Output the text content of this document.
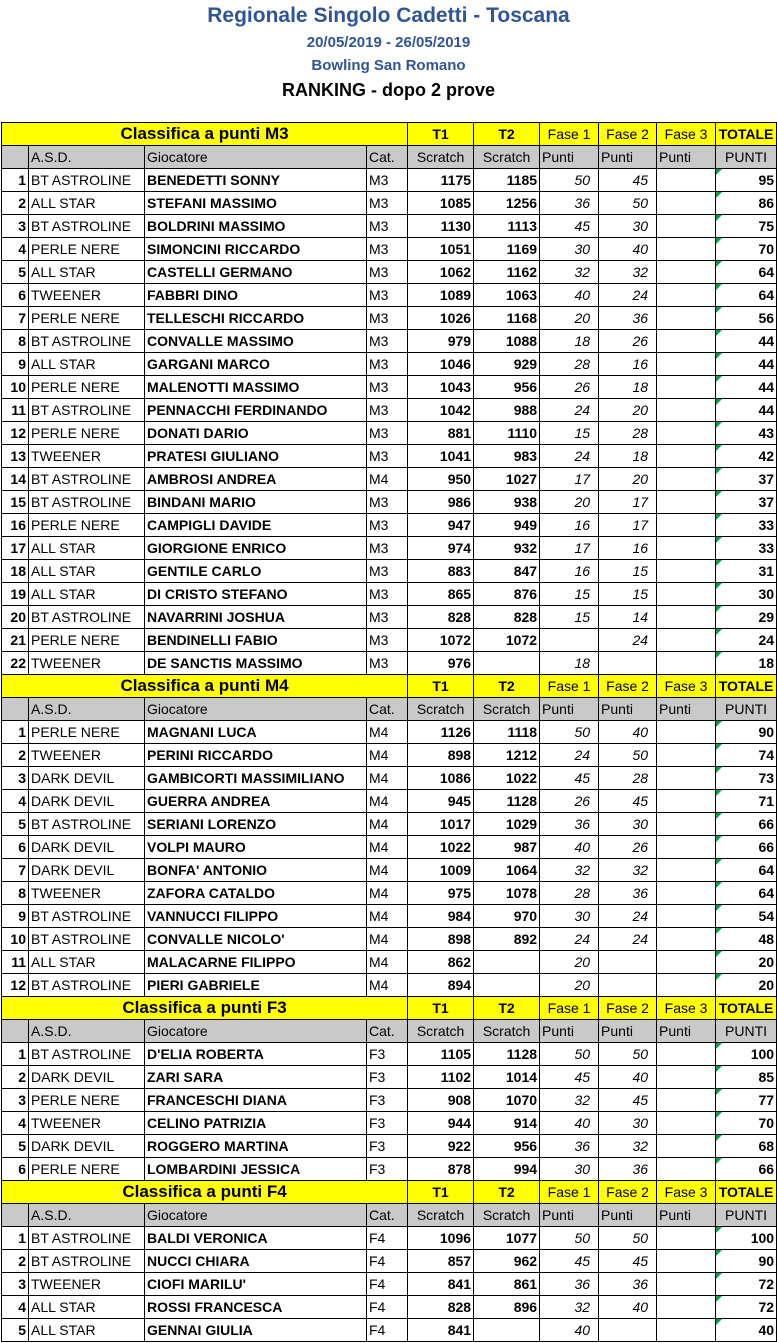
Regionale Singolo Cadetti - Toscana
20/05/2019 - 26/05/2019
Bowling San Romano
RANKING - dopo 2 prove
Classifica a punti M3				T1	T2	Fase 1	Fase 2	Fase 3	TOTALE
	A.S.D.	Giocatore	Cat.	Scratch	Scratch	Punti	Punti	Punti	PUNTI
1	BT ASTROLINE	BENEDETTI SONNY	M3	1175	1185	50	45		95
2	ALL STAR	STEFANI MASSIMO	M3	1085	1256	36	50		86
3	BT ASTROLINE	BOLDRINI MASSIMO	M3	1130	1113	45	30		75
4	PERLE NERE	SIMONCINI RICCARDO	M3	1051	1169	30	40		70
5	ALL STAR	CASTELLI GERMANO	M3	1062	1162	32	32		64
6	TWEENER	FABBRI DINO	M3	1089	1063	40	24		64
7	PERLE NERE	TELLESCHI RICCARDO	M3	1026	1168	20	36		56
8	BT ASTROLINE	CONVALLE MASSIMO	M3	979	1088	18	26		44
9	ALL STAR	GARGANI MARCO	M3	1046	929	28	16		44
10	PERLE NERE	MALENOTTI MASSIMO	M3	1043	956	26	18		44
11	BT ASTROLINE	PENNACCHI FERDINANDO	M3	1042	988	24	20		44
12	PERLE NERE	DONATI DARIO	M3	881	1110	15	28		43
13	TWEENER	PRATESI GIULIANO	M3	1041	983	24	18		42
14	BT ASTROLINE	AMBROSI ANDREA	M4	950	1027	17	20		37
15	BT ASTROLINE	BINDANI MARIO	M3	986	938	20	17		37
16	PERLE NERE	CAMPIGLI DAVIDE	M3	947	949	16	17		33
17	ALL STAR	GIORGIONE ENRICO	M3	974	932	17	16		33
18	ALL STAR	GENTILE CARLO	M3	883	847	16	15		31
19	ALL STAR	DI CRISTO STEFANO	M3	865	876	15	15		30
20	BT ASTROLINE	NAVARRINI JOSHUA	M3	828	828	15	14		29
21	PERLE NERE	BENDINELLI FABIO	M3	1072	1072		24		24
22	TWEENER	DE SANCTIS MASSIMO	M3	976		18			18
Classifica a punti M4				T1	T2	Fase 1	Fase 2	Fase 3	TOTALE
	A.S.D.	Giocatore	Cat.	Scratch	Scratch	Punti	Punti	Punti	PUNTI
1	PERLE NERE	MAGNANI LUCA	M4	1126	1118	50	40		90
2	TWEENER	PERINI RICCARDO	M4	898	1212	24	50		74
3	DARK DEVIL	GAMBICORTI MASSIMILIANO	M4	1086	1022	45	28		73
4	DARK DEVIL	GUERRA ANDREA	M4	945	1128	26	45		71
5	BT ASTROLINE	SERIANI LORENZO	M4	1017	1029	36	30		66
6	DARK DEVIL	VOLPI MAURO	M4	1022	987	40	26		66
7	DARK DEVIL	BONFA' ANTONIO	M4	1009	1064	32	32		64
8	TWEENER	ZAFORA CATALDO	M4	975	1078	28	36		64
9	BT ASTROLINE	VANNUCCI FILIPPO	M4	984	970	30	24		54
10	BT ASTROLINE	CONVALLE NICOLO'	M4	898	892	24	24		48
11	ALL STAR	MALACARNE FILIPPO	M4	862		20			20
12	BT ASTROLINE	PIERI GABRIELE	M4	894		20			20
Classifica a punti F3				T1	T2	Fase 1	Fase 2	Fase 3	TOTALE
	A.S.D.	Giocatore	Cat.	Scratch	Scratch	Punti	Punti	Punti	PUNTI
1	BT ASTROLINE	D'ELIA ROBERTA	F3	1105	1128	50	50		100
2	DARK DEVIL	ZARI SARA	F3	1102	1014	45	40		85
3	PERLE NERE	FRANCESCHI DIANA	F3	908	1070	32	45		77
4	TWEENER	CELINO PATRIZIA	F3	944	914	40	30		70
5	DARK DEVIL	ROGGERO MARTINA	F3	922	956	36	32		68
6	PERLE NERE	LOMBARDINI JESSICA	F3	878	994	30	36		66
Classifica a punti F4				T1	T2	Fase 1	Fase 2	Fase 3	TOTALE
	A.S.D.	Giocatore	Cat.	Scratch	Scratch	Punti	Punti	Punti	PUNTI
1	BT ASTROLINE	BALDI VERONICA	F4	1096	1077	50	50		100
2	BT ASTROLINE	NUCCI CHIARA	F4	857	962	45	45		90
3	TWEENER	CIOFI MARILU'	F4	841	861	36	36		72
4	ALL STAR	ROSSI FRANCESCA	F4	828	896	32	40		72
5	ALL STAR	GENNAI GIULIA	F4	841		40			40
